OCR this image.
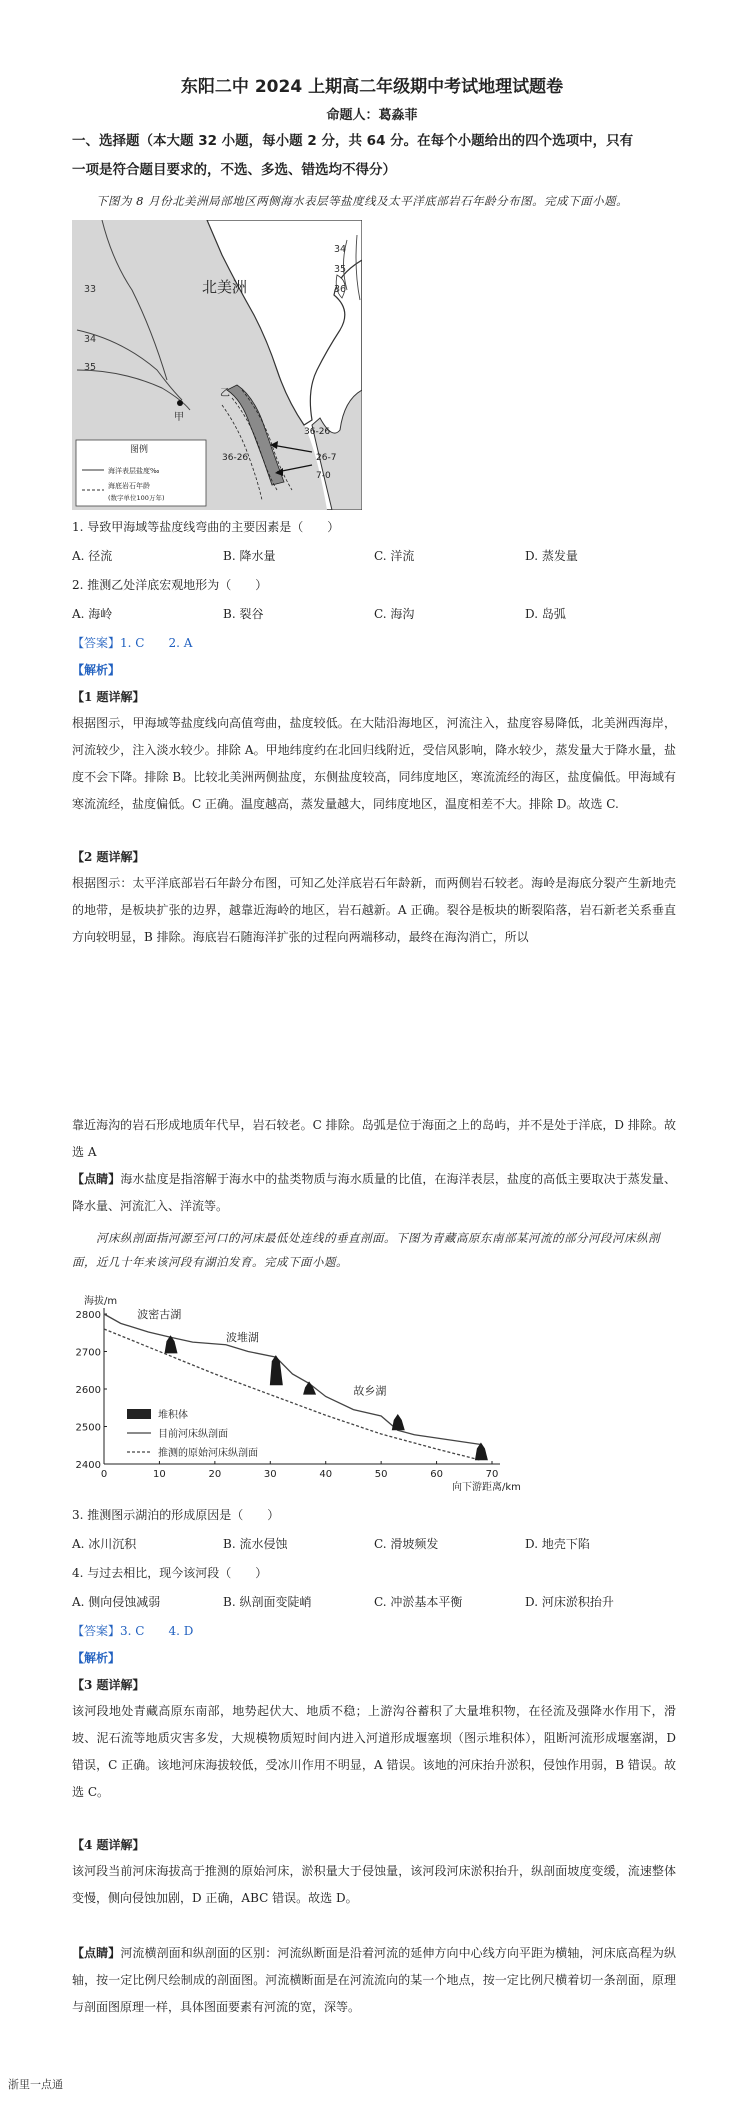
东阳二中 2024 上期高二年级期中考试地理试题卷
命题人：葛淼菲
一、选择题（本大题 32 小题，每小题 2 分，共 64 分。在每个小题给出的四个选项中，只有
一项是符合题目要求的，不选、多选、错选均不得分）
下图为 8 月份北美洲局部地区两侧海水表层等盐度线及太平洋底部岩石年龄分布图。完成下面小题。
北美洲
甲
乙
33
34
35
34
35
36
36-26
26-7
7-0
36-26
图例
海洋表层盐度‰
海底岩石年龄
(数字单位100万年)
1. 导致甲海域等盐度线弯曲的主要因素是（　　）
A. 径流	B. 降水量	C. 洋流	D. 蒸发量
2. 推测乙处洋底宏观地形为（　　）
A. 海岭	B. 裂谷	C. 海沟	D. 岛弧
【答案】1. C　　2. A
【解析】
【1 题详解】
根据图示，甲海域等盐度线向高值弯曲，盐度较低。在大陆沿海地区，河流注入，盐度容易降低，北美洲西海岸，河流较少，注入淡水较少。排除 A。甲地纬度约在北回归线附近，受信风影响，降水较少，蒸发量大于降水量，盐度不会下降。排除 B。比较北美洲两侧盐度，东侧盐度较高，同纬度地区，寒流流经的海区，盐度偏低。甲海域有寒流流经，盐度偏低。C 正确。温度越高，蒸发量越大，同纬度地区，温度相差不大。排除 D。故选 C.
【2 题详解】
根据图示：太平洋底部岩石年龄分布图，可知乙处洋底岩石年龄新，而两侧岩石较老。海岭是海底分裂产生新地壳的地带，是板块扩张的边界，越靠近海岭的地区，岩石越新。A 正确。裂谷是板块的断裂陷落，岩石新老关系垂直方向较明显，B 排除。海底岩石随海洋扩张的过程向两端移动，最终在海沟消亡，所以
靠近海沟的岩石形成地质年代早，岩石较老。C 排除。岛弧是位于海面之上的岛屿，并不是处于洋底，D 排除。故选 A
【点睛】海水盐度是指溶解于海水中的盐类物质与海水质量的比值，在海洋表层，盐度的高低主要取决于蒸发量、降水量、河流汇入、洋流等。
河床纵剖面指河源至河口的河床最低处连线的垂直剖面。下图为青藏高原东南部某河流的部分河段河床纵剖面，近几十年来该河段有湖泊发育。完成下面小题。
海拔/m
向下游距离/km
0	10	20	30	40	50	60	70
2400
2500
2600
2700
2800	波密古湖
波堆湖
故乡湖
堆积体
目前河床纵剖面
推测的原始河床纵剖面
3. 推测图示湖泊的形成原因是（　　）
A. 冰川沉积	B. 流水侵蚀	C. 滑坡频发	D. 地壳下陷
4. 与过去相比，现今该河段（　　）
A. 侧向侵蚀减弱	B. 纵剖面变陡峭	C. 冲淤基本平衡	D. 河床淤积抬升
【答案】3. C　　4. D
【解析】
【3 题详解】
该河段地处青藏高原东南部，地势起伏大、地质不稳；上游沟谷蓄积了大量堆积物，在径流及强降水作用下，滑坡、泥石流等地质灾害多发，大规模物质短时间内进入河道形成堰塞坝（图示堆积体），阻断河流形成堰塞湖，D 错误，C 正确。该地河床海拔较低，受冰川作用不明显，A 错误。该地的河床抬升淤积，侵蚀作用弱，B 错误。故选 C。
【4 题详解】
该河段当前河床海拔高于推测的原始河床，淤积量大于侵蚀量，该河段河床淤积抬升，纵剖面坡度变缓，流速整体变慢，侧向侵蚀加剧，D 正确，ABC 错误。故选 D。
【点睛】河流横剖面和纵剖面的区别：河流纵断面是沿着河流的延伸方向中心线方向平距为横轴，河床底高程为纵轴，按一定比例尺绘制成的剖面图。河流横断面是在河流流向的某一个地点，按一定比例尺横着切一条剖面，原理与剖面图原理一样，具体图面要素有河流的宽，深等。
浙里一点通
